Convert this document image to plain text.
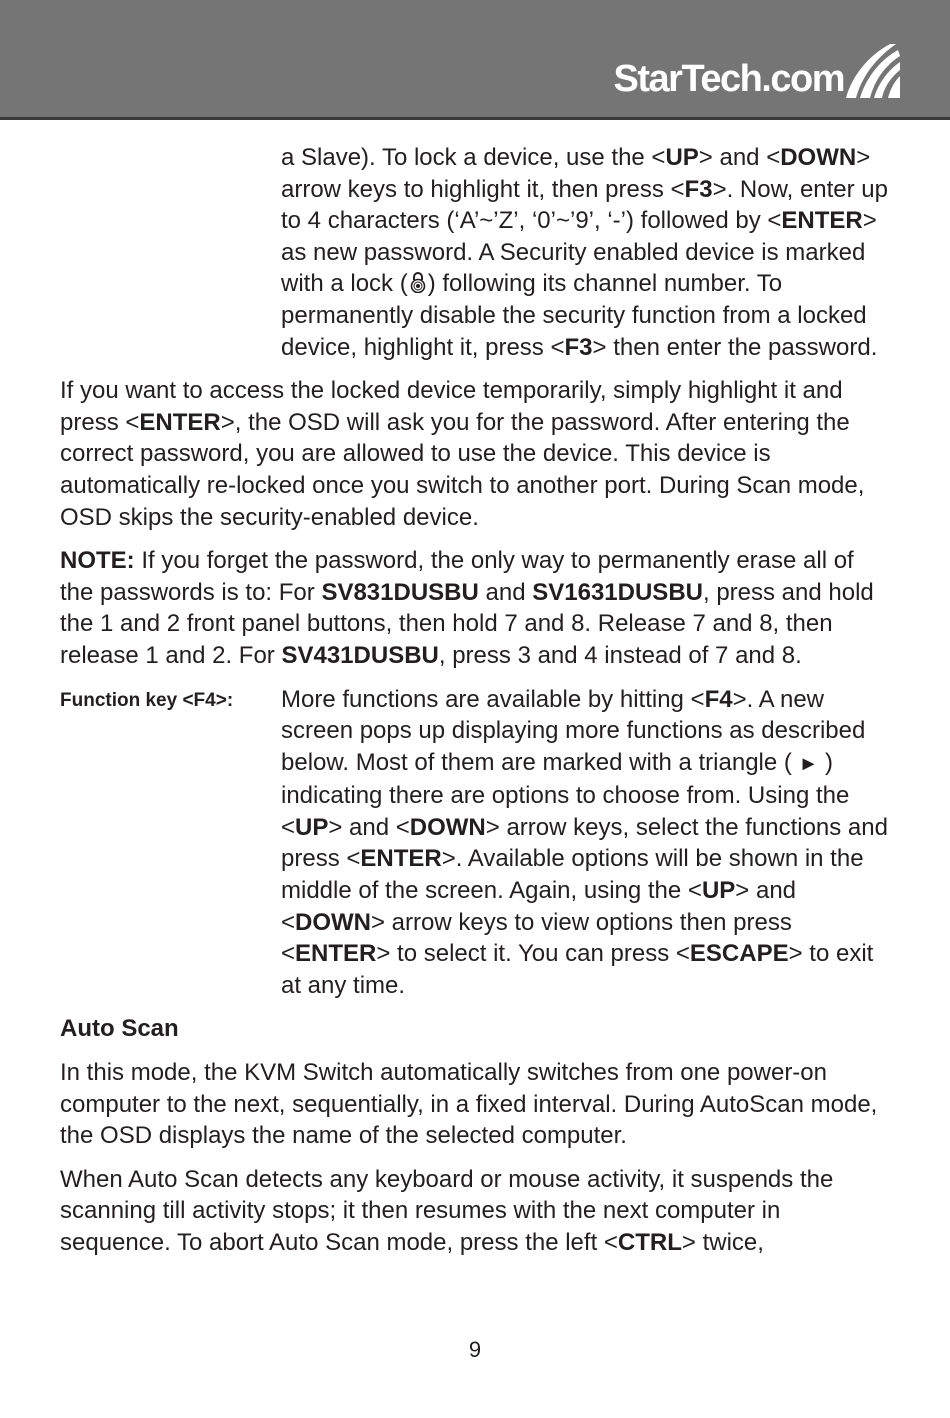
StarTech.com

a Slave). To lock a device, use the <UP> and <DOWN> arrow keys to highlight it, then press <F3>. Now, enter up to 4 characters (‘A’~’Z’, ‘0’~’9’, ‘-’) followed by <ENTER> as new password. A Security enabled device is marked with a lock ( ) following its channel number. To permanently disable the security function from a locked device, highlight it, press <F3> then enter the password.

If you want to access the locked device temporarily, simply highlight it and press <ENTER>, the OSD will ask you for the password. After entering the correct password, you are allowed to use the device. This device is automatically re-locked once you switch to another port. During Scan mode, OSD skips the security-enabled device.

NOTE: If you forget the password, the only way to permanently erase all of the passwords is to: For SV831DUSBU and SV1631DUSBU, press and hold the 1 and 2 front panel buttons, then hold 7 and 8. Release 7 and 8, then release 1 and 2. For SV431DUSBU, press 3 and 4 instead of 7 and 8.

Function key <F4>:	More functions are available by hitting <F4>. A new screen pops up displaying more functions as described below. Most of them are marked with a triangle ( ► ) indicating there are options to choose from. Using the <UP> and <DOWN> arrow keys, select the functions and press <ENTER>. Available options will be shown in the middle of the screen. Again, using the <UP> and <DOWN> arrow keys to view options then press <ENTER> to select it. You can press <ESCAPE> to exit at any time.

Auto Scan

In this mode, the KVM Switch automatically switches from one power-on computer to the next, sequentially, in a fixed interval. During AutoScan mode, the OSD displays the name of the selected computer.

When Auto Scan detects any keyboard or mouse activity, it suspends the scanning till activity stops; it then resumes with the next computer in sequence. To abort Auto Scan mode, press the left <CTRL> twice,

9
